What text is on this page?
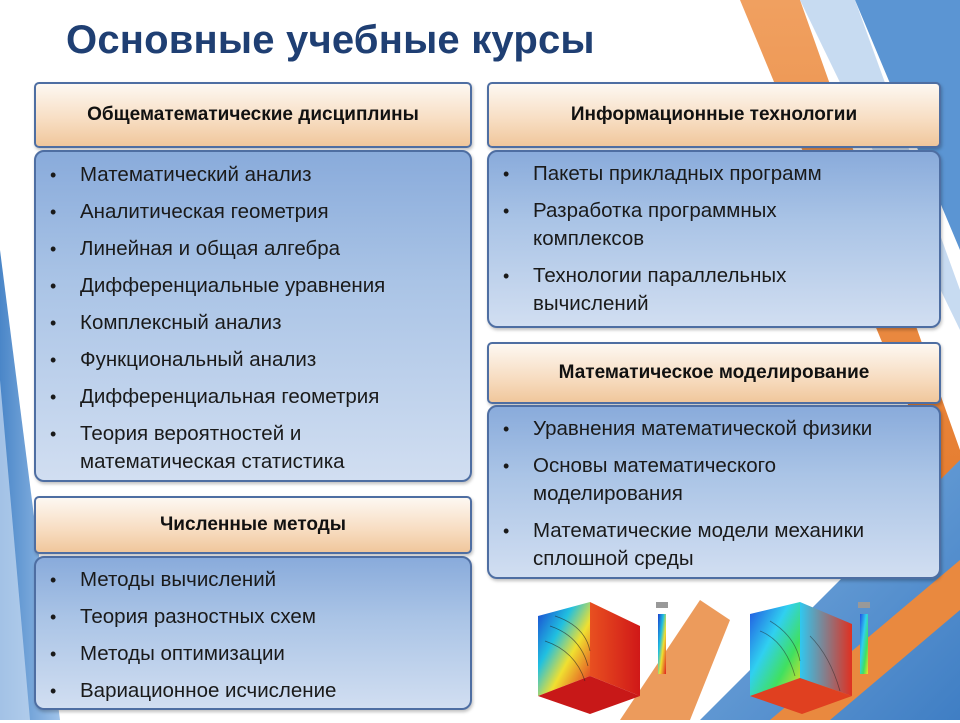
Основные учебные курсы
Общематематические дисциплины
• Математический анализ
• Аналитическая геометрия
• Линейная и общая алгебра
• Дифференциальные уравнения
• Комплексный анализ
• Функциональный анализ
• Дифференциальная геометрия
• Теория вероятностей и математическая статистика
Информационные технологии
• Пакеты прикладных программ
• Разработка программных комплексов
• Технологии параллельных вычислений
Численные методы
• Методы вычислений
• Теория разностных схем
• Методы оптимизации
• Вариационное исчисление
Математическое моделирование
• Уравнения математической физики
• Основы математического моделирования
• Математические модели механики сплошной среды
